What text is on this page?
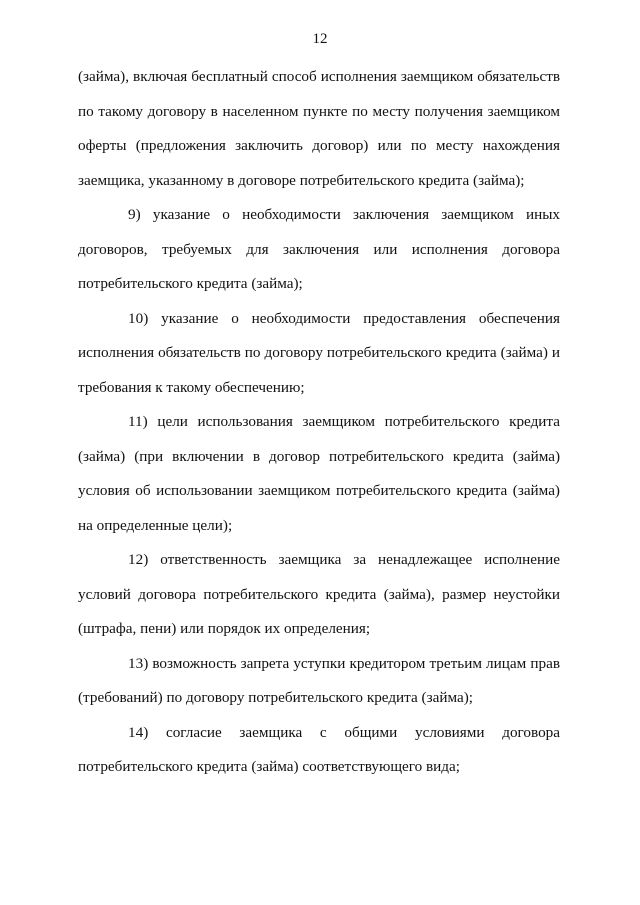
12

(займа), включая бесплатный способ исполнения заемщиком обязательств
по такому договору в населенном пункте по месту получения заемщиком
оферты (предложения заключить договор) или по месту нахождения
заемщика, указанному в договоре потребительского кредита (займа);

9) указание о необходимости заключения заемщиком иных
договоров, требуемых для заключения или исполнения договора
потребительского кредита (займа);

10) указание о необходимости предоставления обеспечения
исполнения обязательств по договору потребительского кредита (займа) и
требования к такому обеспечению;

11) цели использования заемщиком потребительского кредита
(займа) (при включении в договор потребительского кредита (займа)
условия об использовании заемщиком потребительского кредита (займа)
на определенные цели);

12) ответственность заемщика за ненадлежащее исполнение
условий договора потребительского кредита (займа), размер неустойки
(штрафа, пени) или порядок их определения;

13) возможность запрета уступки кредитором третьим лицам прав
(требований) по договору потребительского кредита (займа);

14) согласие заемщика с общими условиями договора
потребительского кредита (займа) соответствующего вида;
